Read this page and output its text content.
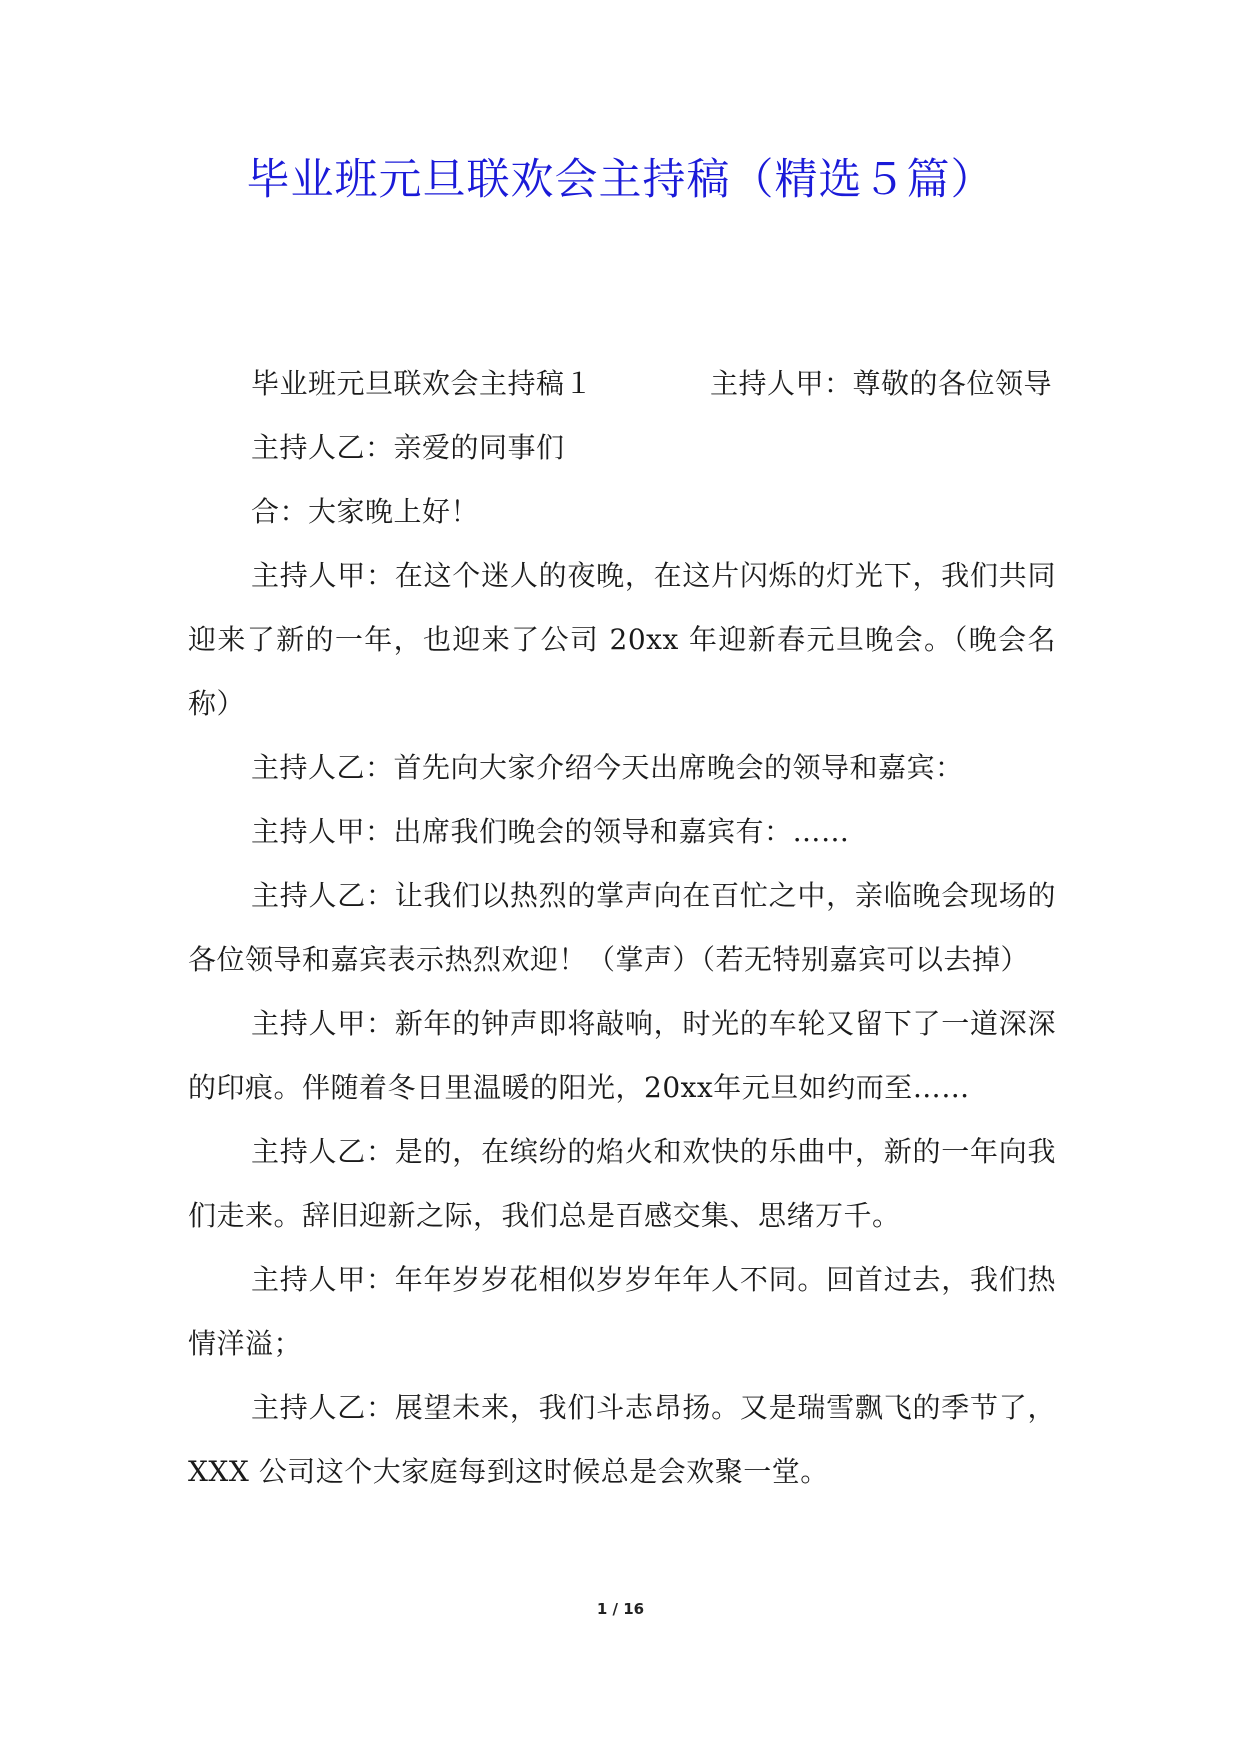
毕业班元旦联欢会主持稿（精选５篇）

毕业班元旦联欢会主持稿１	主持人甲：尊敬的各位领导

主持人乙：亲爱的同事们

合：大家晚上好！

主持人甲：在这个迷人的夜晚，在这片闪烁的灯光下，我们共同迎来了新的一年，也迎来了公司 20xx 年迎新春元旦晚会。（晚会名称）

主持人乙：首先向大家介绍今天出席晚会的领导和嘉宾：

主持人甲：出席我们晚会的领导和嘉宾有：……

主持人乙：让我们以热烈的掌声向在百忙之中，亲临晚会现场的各位领导和嘉宾表示热烈欢迎！（掌声）（若无特别嘉宾可以去掉）

主持人甲：新年的钟声即将敲响，时光的车轮又留下了一道深深的印痕。伴随着冬日里温暖的阳光，20xx年元旦如约而至……

主持人乙：是的，在缤纷的焰火和欢快的乐曲中，新的一年向我们走来。辞旧迎新之际，我们总是百感交集、思绪万千。

主持人甲：年年岁岁花相似岁岁年年人不同。回首过去，我们热情洋溢；

主持人乙：展望未来，我们斗志昂扬。又是瑞雪飘飞的季节了，XXX 公司这个大家庭每到这时候总是会欢聚一堂。

1 / 16
